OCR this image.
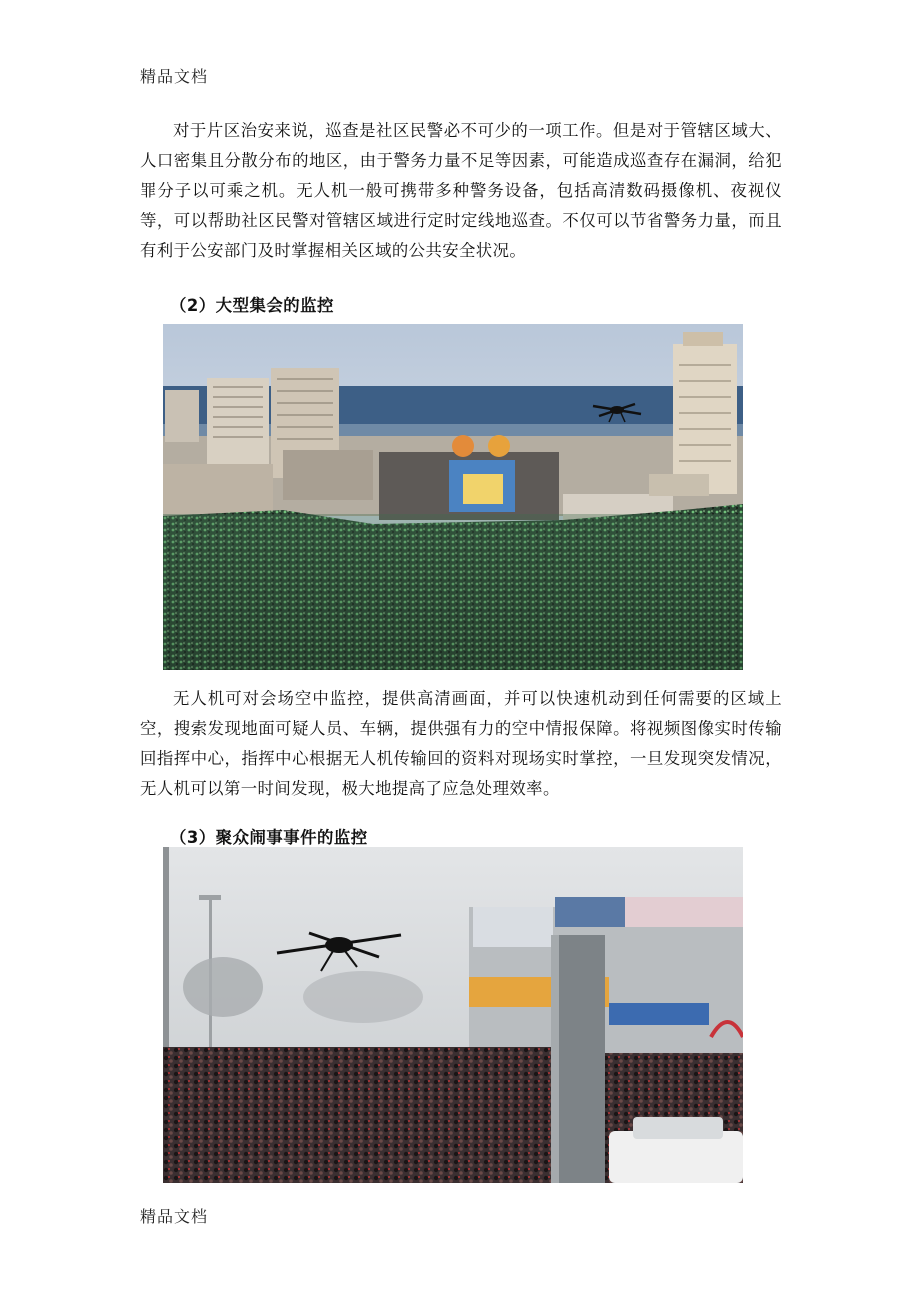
精品文档
对于片区治安来说，巡查是社区民警必不可少的一项工作。但是对于管辖区域大、人口密集且分散分布的地区，由于警务力量不足等因素，可能造成巡查存在漏洞，给犯罪分子以可乘之机。无人机一般可携带多种警务设备，包括高清数码摄像机、夜视仪等，可以帮助社区民警对管辖区域进行定时定线地巡查。不仅可以节省警务力量，而且有利于公安部门及时掌握相关区域的公共安全状况。
（2）大型集会的监控
无人机可对会场空中监控，提供高清画面，并可以快速机动到任何需要的区域上空，搜索发现地面可疑人员、车辆，提供强有力的空中情报保障。将视频图像实时传输回指挥中心，指挥中心根据无人机传输回的资料对现场实时掌控，一旦发现突发情况，无人机可以第一时间发现，极大地提高了应急处理效率。
（3）聚众闹事事件的监控
精品文档
